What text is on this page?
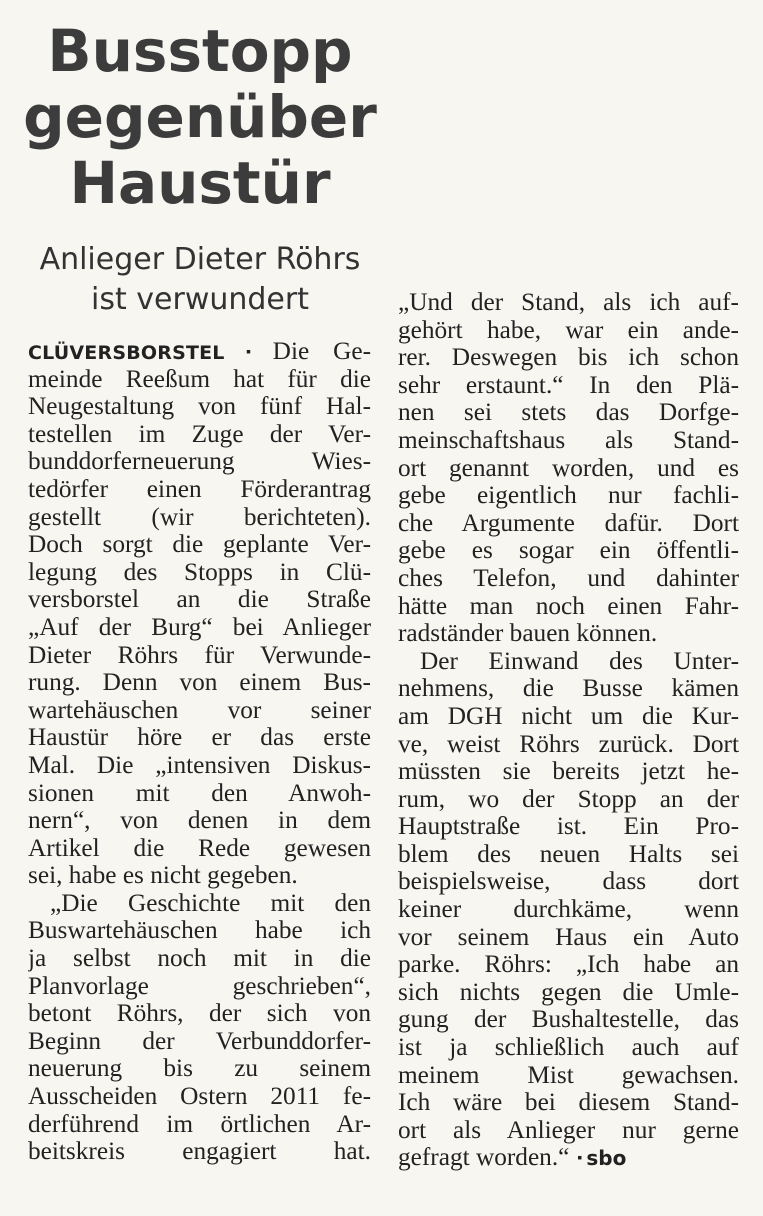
Busstopp
gegenüber
Haustür
Anlieger Dieter Röhrs
ist verwundert
CLÜVERSBORSTEL ▪ Die Ge-
meinde Reeßum hat für die
Neugestaltung von fünf Hal-
testellen im Zuge der Ver-
bunddorferneuerung Wies-
tedörfer einen Förderantrag
gestellt (wir berichteten).
Doch sorgt die geplante Ver-
legung des Stopps in Clü-
versborstel an die Straße
„Auf der Burg“ bei Anlieger
Dieter Röhrs für Verwunde-
rung. Denn von einem Bus-
wartehäuschen vor seiner
Haustür höre er das erste
Mal. Die „intensiven Diskus-
sionen mit den Anwoh-
nern“, von denen in dem
Artikel die Rede gewesen
sei, habe es nicht gegeben.
„Die Geschichte mit den
Buswartehäuschen habe ich
ja selbst noch mit in die
Planvorlage geschrieben“,
betont Röhrs, der sich von
Beginn der Verbunddorfer-
neuerung bis zu seinem
Ausscheiden Ostern 2011 fe-
derführend im örtlichen Ar-
beitskreis engagiert hat.
„Und der Stand, als ich auf-
gehört habe, war ein ande-
rer. Deswegen bis ich schon
sehr erstaunt.“ In den Plä-
nen sei stets das Dorfge-
meinschaftshaus als Stand-
ort genannt worden, und es
gebe eigentlich nur fachli-
che Argumente dafür. Dort
gebe es sogar ein öffentli-
ches Telefon, und dahinter
hätte man noch einen Fahr-
radständer bauen können.
Der Einwand des Unter-
nehmens, die Busse kämen
am DGH nicht um die Kur-
ve, weist Röhrs zurück. Dort
müssten sie bereits jetzt he-
rum, wo der Stopp an der
Hauptstraße ist. Ein Pro-
blem des neuen Halts sei
beispielsweise, dass dort
keiner durchkäme, wenn
vor seinem Haus ein Auto
parke. Röhrs: „Ich habe an
sich nichts gegen die Umle-
gung der Bushaltestelle, das
ist ja schließlich auch auf
meinem Mist gewachsen.
Ich wäre bei diesem Stand-
ort als Anlieger nur gerne
gefragt worden.“ ▪ sbo
